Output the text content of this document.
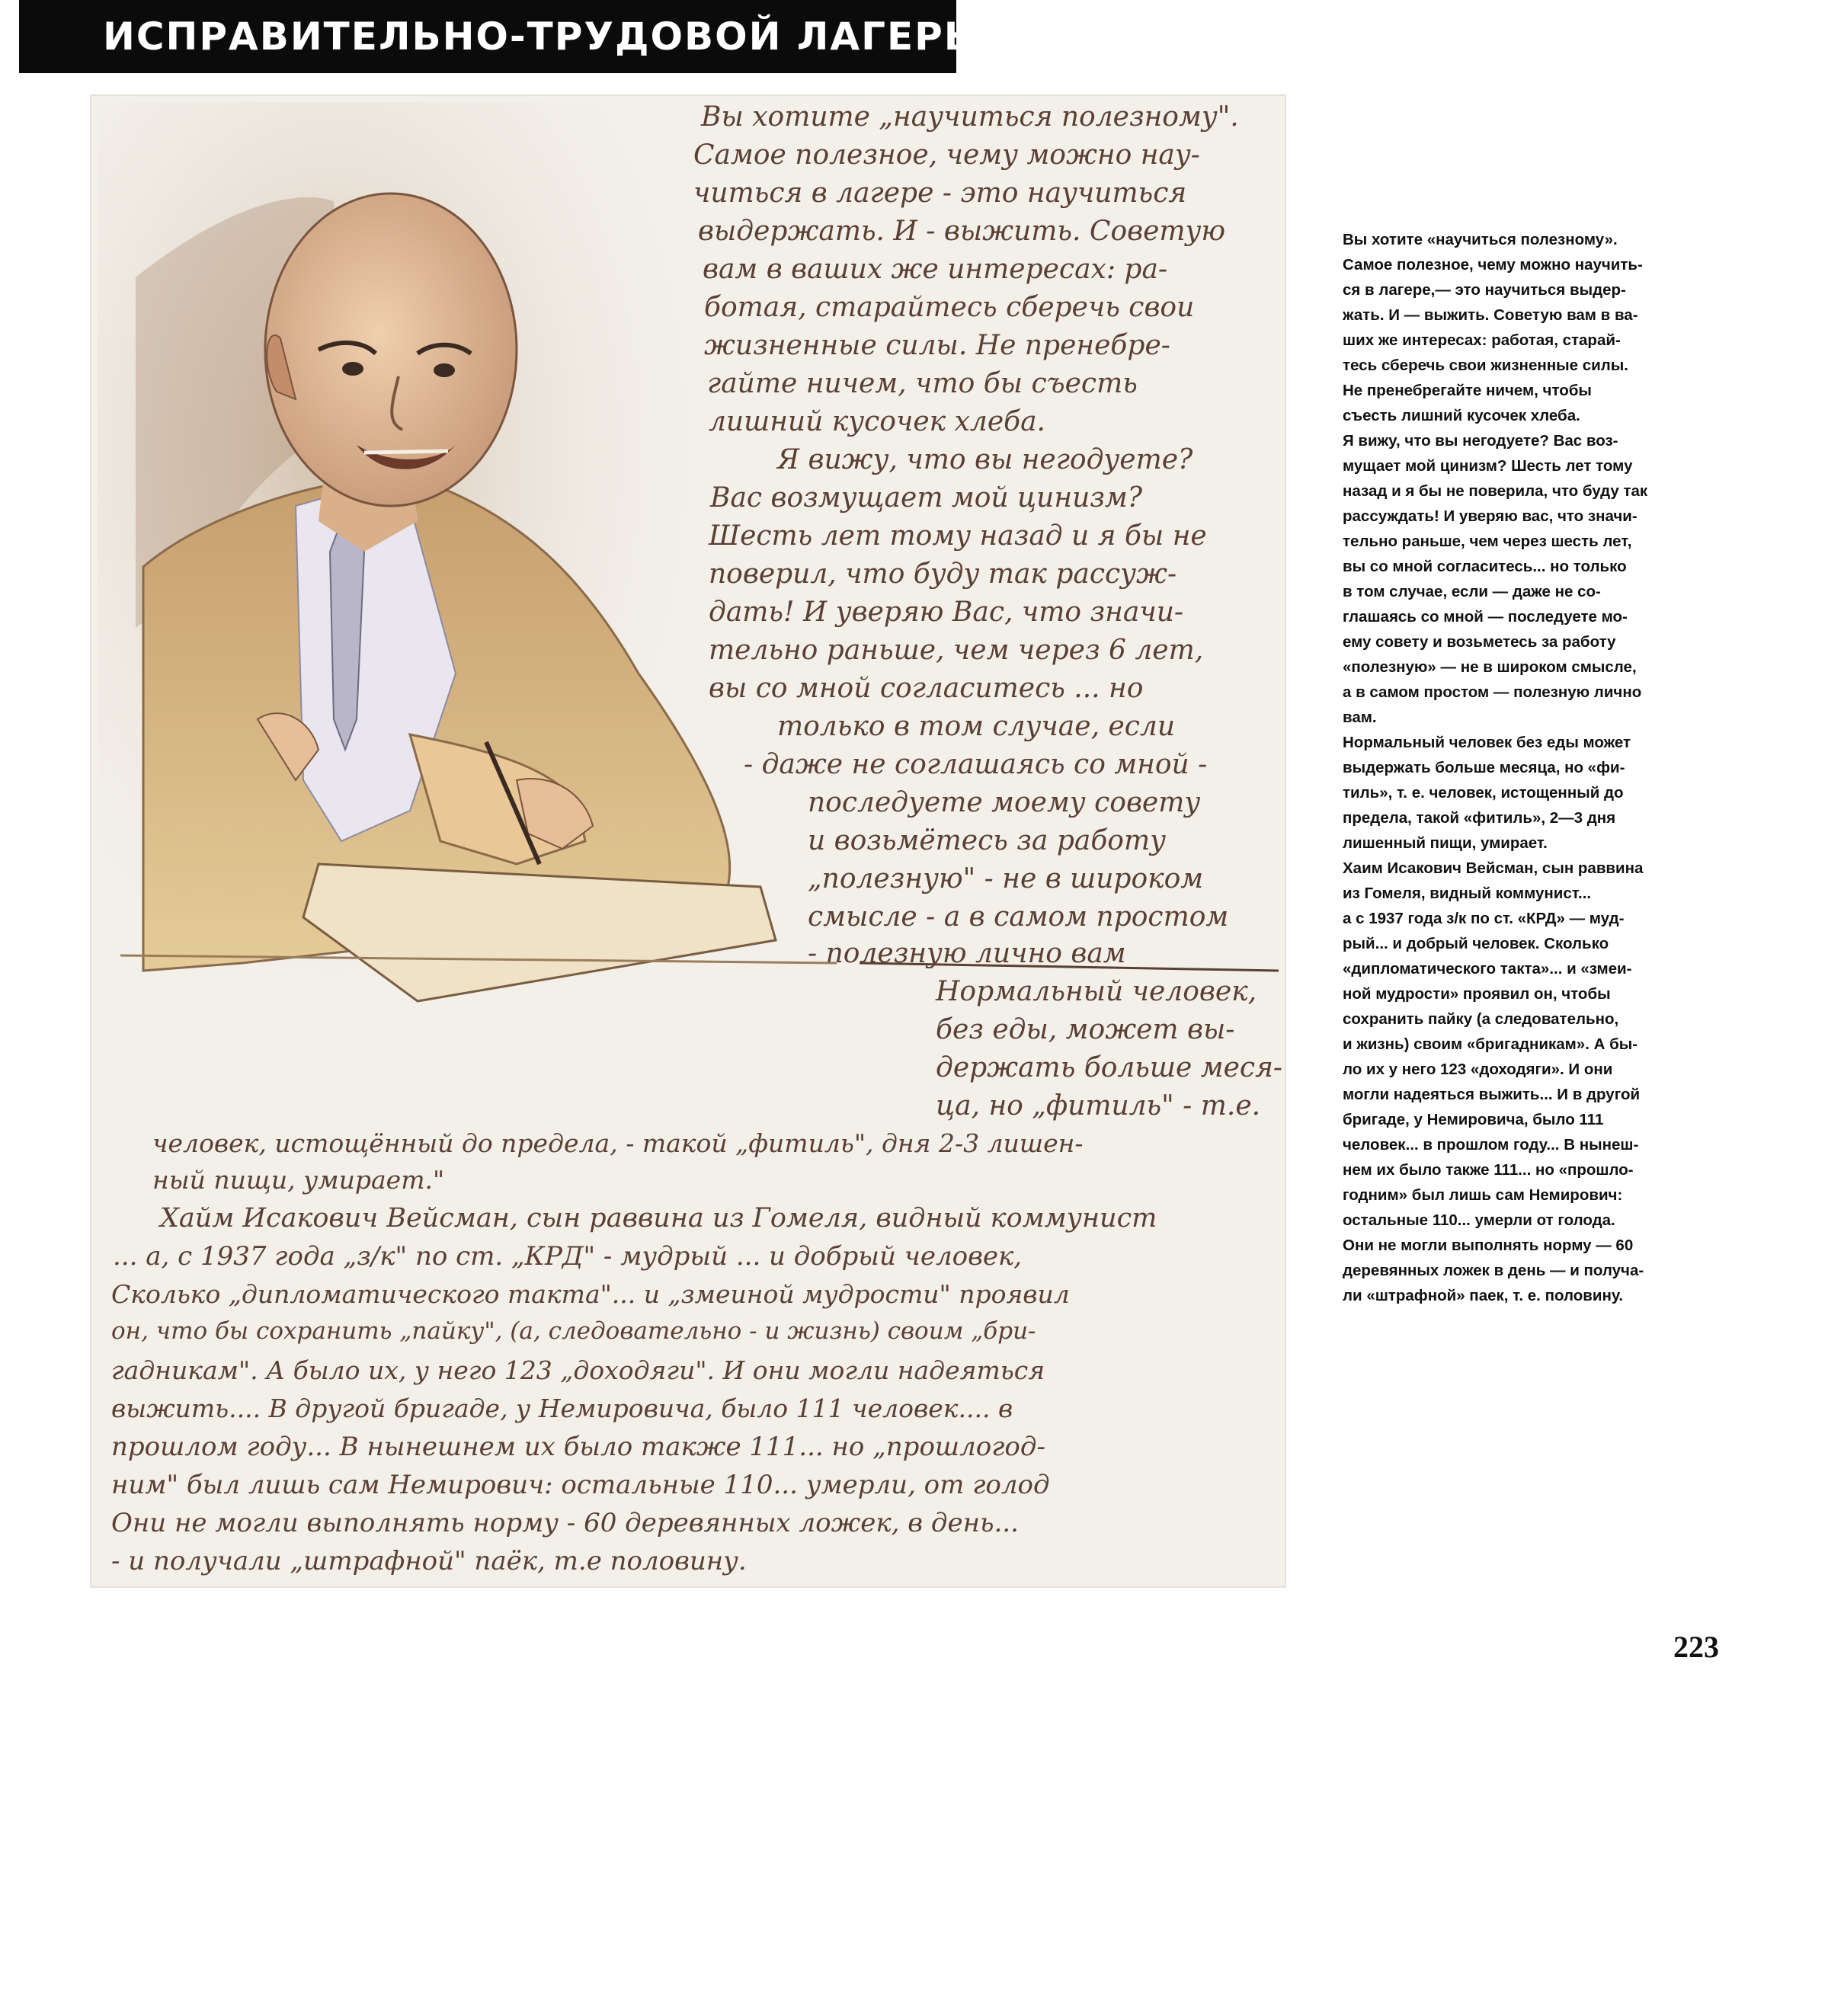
ИСПРАВИТЕЛЬНО-ТРУДОВОЙ ЛАГЕРЬ
Вы хотите „научиться полезному".
Самое полезное, чему можно нау-
читься в лагере - это научиться
выдержать. И - выжить. Советую
вам в ваших же интересах: ра-
ботая, старайтесь сберечь свои
жизненные силы. Не пренебре-
гайте ничем, что бы съесть
лишний кусочек хлеба.
Я вижу, что вы негодуете?
Вас возмущает мой цинизм?
Шесть лет тому назад и я бы не
поверил, что буду так рассуж-
дать! И уверяю Вас, что значи-
тельно раньше, чем через 6 лет,
вы со мной согласитесь ... но
только в том случае, если
- даже не соглашаясь со мной -
последуете моему совету
и возьмётесь за работу
„полезную" - не в широком
смысле - а в самом простом
- полезную лично вам
Нормальный человек,
без еды, может вы-
держать больше меся-
ца, но „фитиль" - т.е.
человек, истощённый до предела, - такой „фитиль", дня 2-3 лишен-
ный пищи, умирает."
Хайм Исакович Вейсман, сын раввина из Гомеля, видный коммунист
... а, с 1937 года „з/к" по ст. „КРД" - мудрый ... и добрый человек,
Сколько „дипломатического такта"... и „змеиной мудрости" проявил
он, что бы сохранить „пайку", (а, следовательно - и жизнь) своим „бри-
гадникам". А было их, у него 123 „доходяги". И они могли надеяться
выжить.... В другой бригаде, у Немировича, было 111 человек.... в
прошлом году... В нынешнем их было также 111... но „прошлогод-
ним" был лишь сам Немирович: остальные 110... умерли, от голод
Они не могли выполнять норму - 60 деревянных ложек, в день...
- и получали „штрафной" паёк, т.е половину.
Вы хотите «научиться полезному».
Самое полезное, чему можно научить-
ся в лагере,— это научиться выдер-
жать. И — выжить. Советую вам в ва-
ших же интересах: работая, старай-
тесь сберечь свои жизненные силы.
Не пренебрегайте ничем, чтобы
съесть лишний кусочек хлеба.
Я вижу, что вы негодуете? Вас воз-
мущает мой цинизм? Шесть лет тому
назад и я бы не поверила, что буду так
рассуждать! И уверяю вас, что значи-
тельно раньше, чем через шесть лет,
вы со мной согласитесь... но только
в том случае, если — даже не со-
глашаясь со мной — последуете мо-
ему совету и возьметесь за работу
«полезную» — не в широком смысле,
а в самом простом — полезную лично
вам.
Нормальный человек без еды может
выдержать больше месяца, но «фи-
тиль», т. е. человек, истощенный до
предела, такой «фитиль», 2—3 дня
лишенный пищи, умирает.
Хаим Исакович Вейсман, сын раввина
из Гомеля, видный коммунист...
а с 1937 года з/к по ст. «КРД» — муд-
рый... и добрый человек. Сколько
«дипломатического такта»... и «змеи-
ной мудрости» проявил он, чтобы
сохранить пайку (а следовательно,
и жизнь) своим «бригадникам». А бы-
ло их у него 123 «доходяги». И они
могли надеяться выжить... И в другой
бригаде, у Немировича, было 111
человек... в прошлом году... В нынеш-
нем их было также 111... но «прошло-
годним» был лишь сам Немирович:
остальные 110... умерли от голода.
Они не могли выполнять норму — 60
деревянных ложек в день — и получа-
ли «штрафной» паек, т. е. половину.
223
